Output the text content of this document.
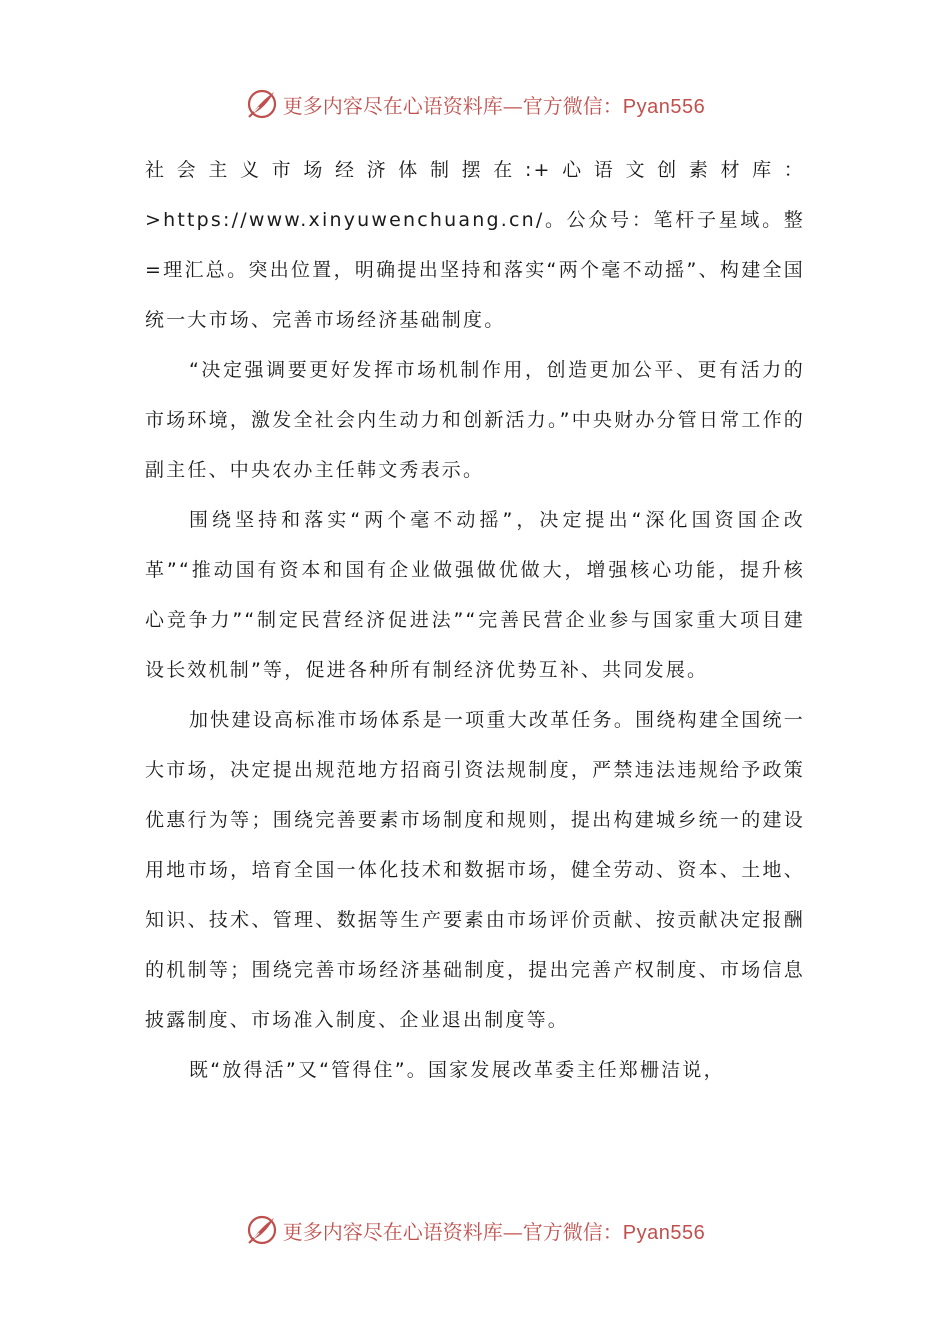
更多内容尽在心语资料库—官方微信：Pyan556

社会主义市场经济体制摆在:+心语文创素材库：>https://www.xinyuwenchuang.cn/。公众号：笔杆子星域。整=理汇总。突出位置，明确提出坚持和落实“两个毫不动摇”、构建全国统一大市场、完善市场经济基础制度。

“决定强调要更好发挥市场机制作用，创造更加公平、更有活力的市场环境，激发全社会内生动力和创新活力。”中央财办分管日常工作的副主任、中央农办主任韩文秀表示。

围绕坚持和落实“两个毫不动摇”，决定提出“深化国资国企改革”“推动国有资本和国有企业做强做优做大，增强核心功能，提升核心竞争力”“制定民营经济促进法”“完善民营企业参与国家重大项目建设长效机制”等，促进各种所有制经济优势互补、共同发展。

加快建设高标准市场体系是一项重大改革任务。围绕构建全国统一大市场，决定提出规范地方招商引资法规制度，严禁违法违规给予政策优惠行为等；围绕完善要素市场制度和规则，提出构建城乡统一的建设用地市场，培育全国一体化技术和数据市场，健全劳动、资本、土地、知识、技术、管理、数据等生产要素由市场评价贡献、按贡献决定报酬的机制等；围绕完善市场经济基础制度，提出完善产权制度、市场信息披露制度、市场准入制度、企业退出制度等。

既“放得活”又“管得住”。国家发展改革委主任郑栅洁说，

更多内容尽在心语资料库—官方微信：Pyan556
